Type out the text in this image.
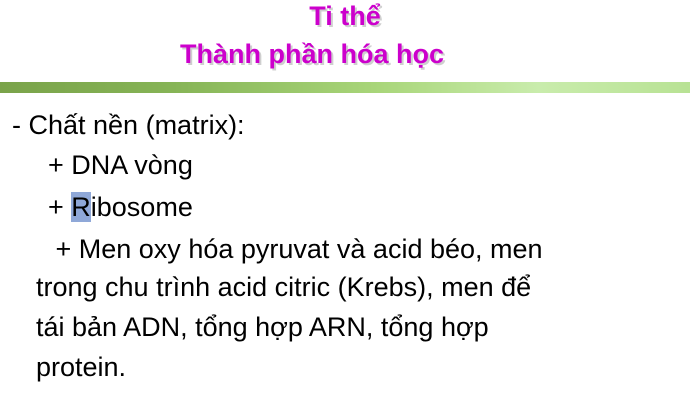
Ti thể
Thành phần hóa học
- Chất nền (matrix):
+ DNA vòng
+ Ribosome
+ Men oxy hóa pyruvat và acid béo, men
trong chu trình acid citric (Krebs), men để
tái bản ADN, tổng hợp ARN, tổng hợp
protein.
